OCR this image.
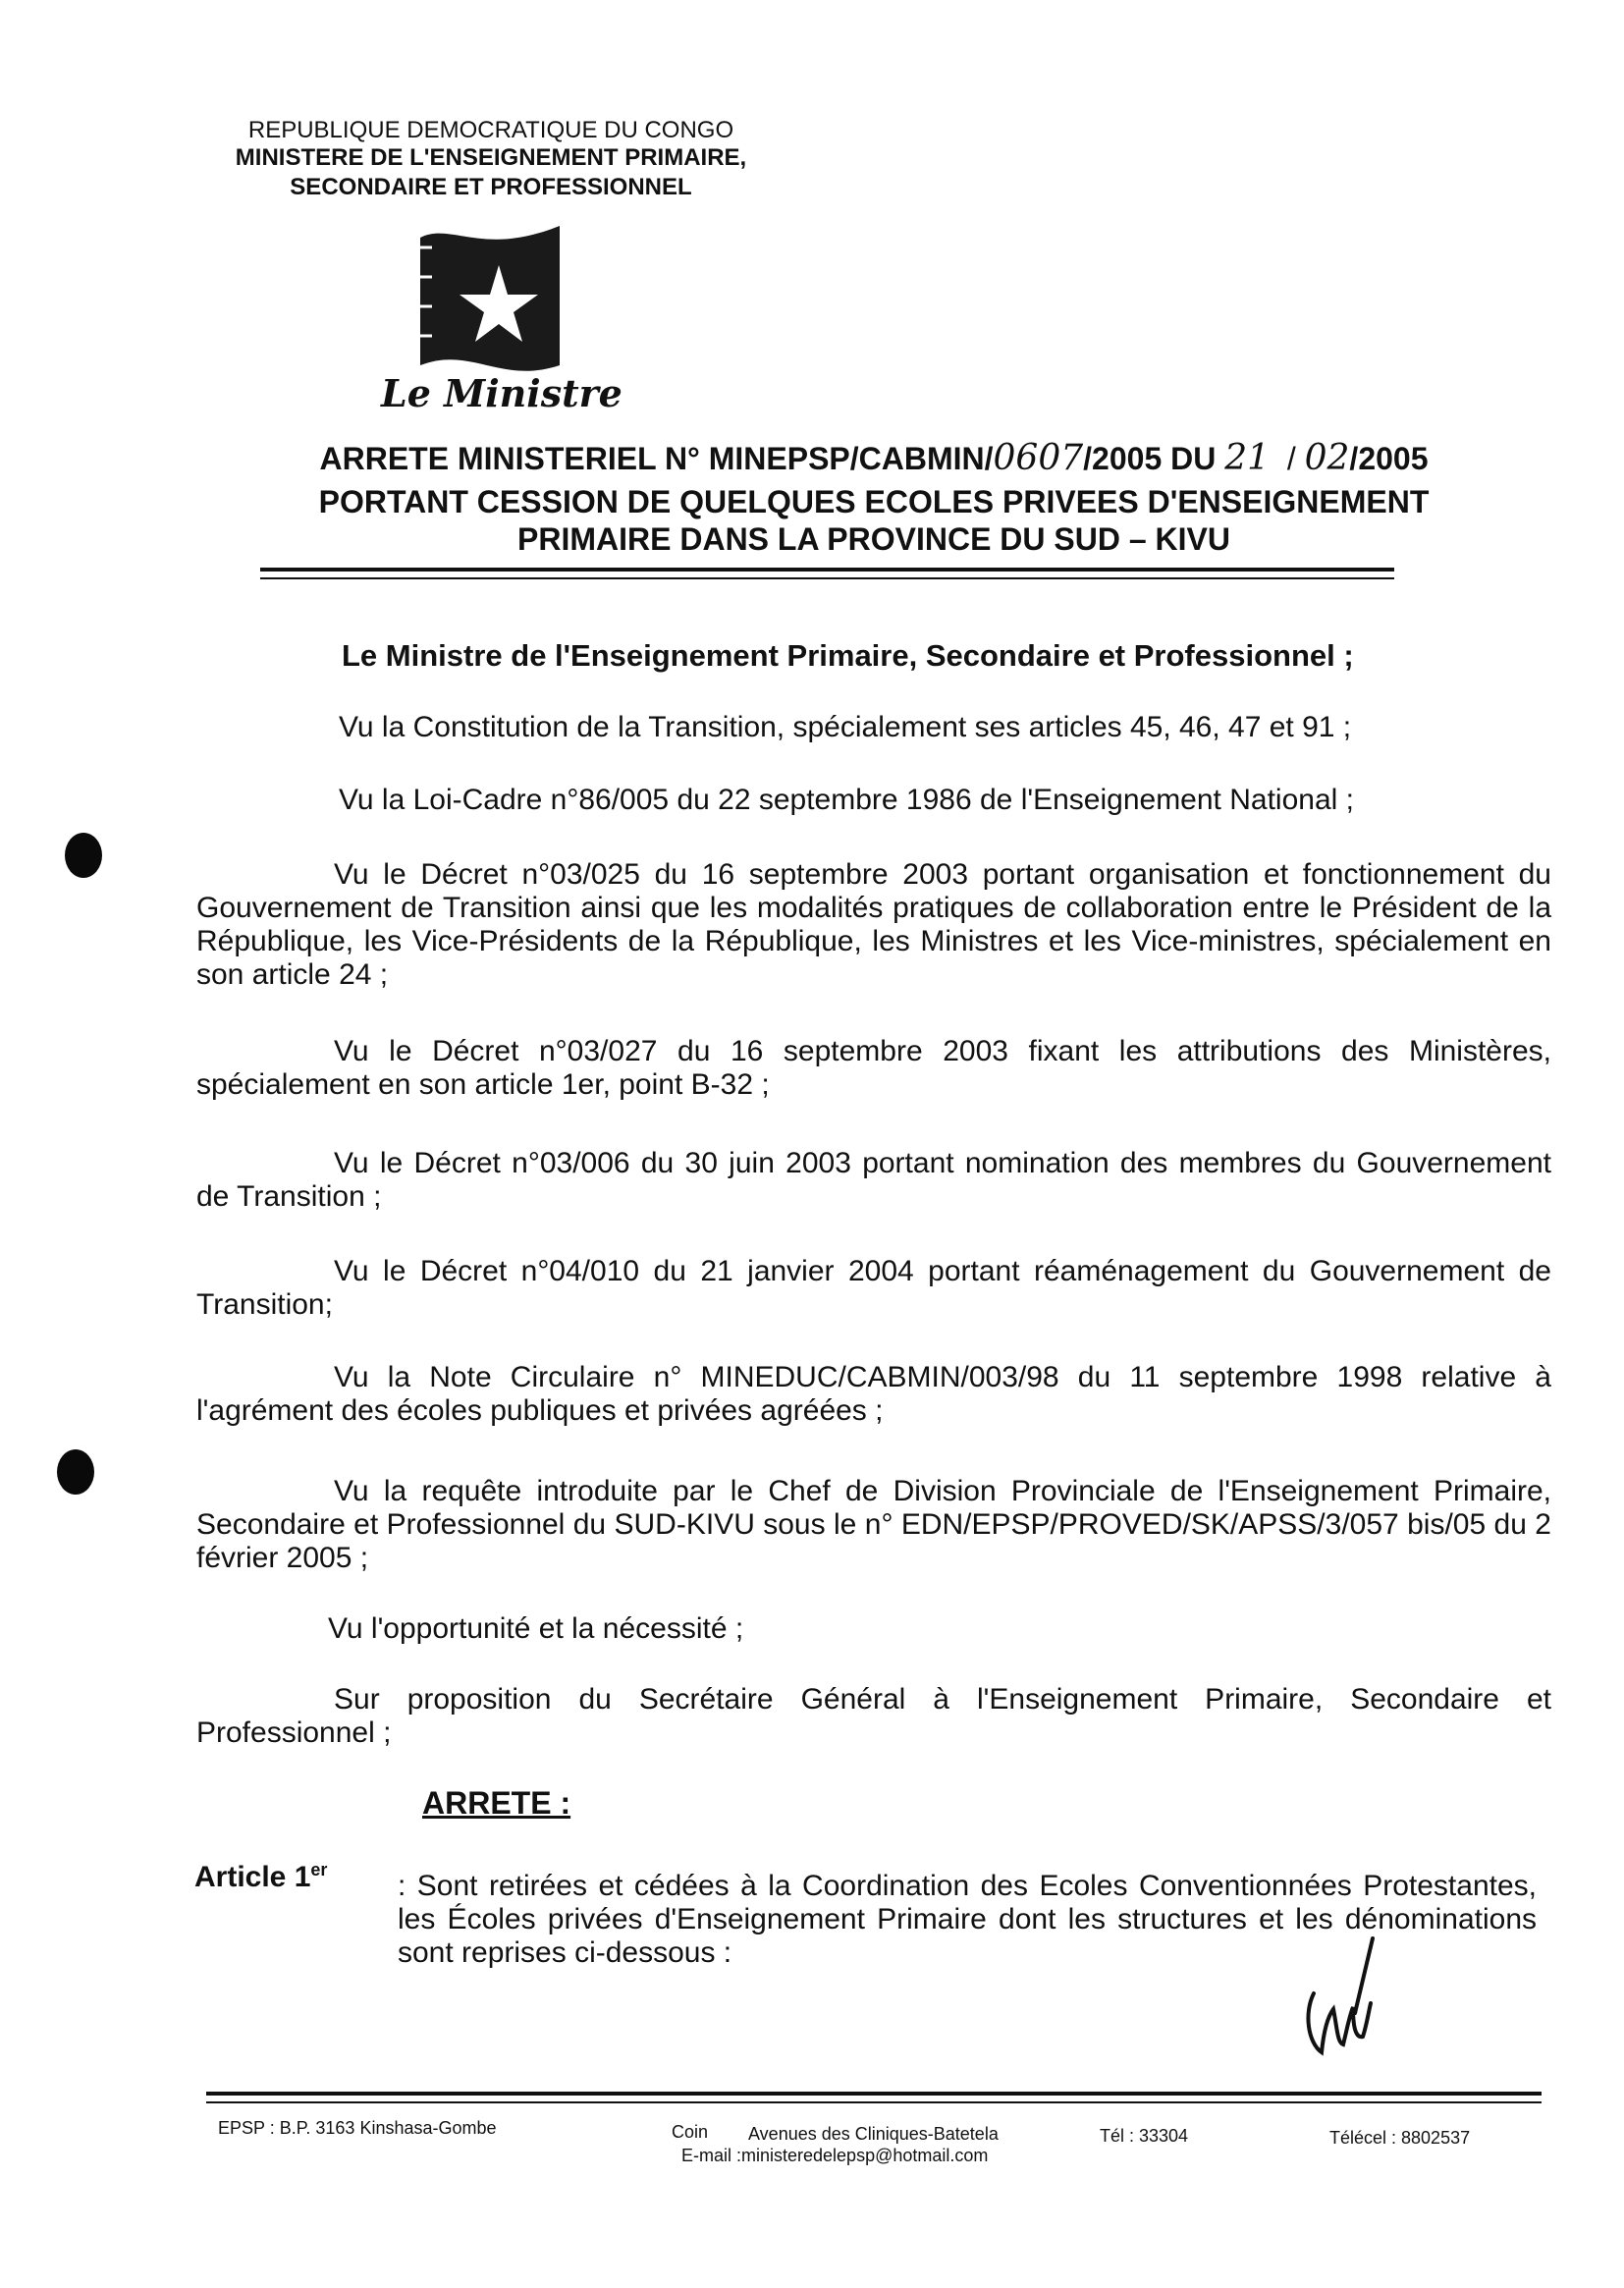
REPUBLIQUE DEMOCRATIQUE DU CONGO
MINISTERE DE L'ENSEIGNEMENT PRIMAIRE,
SECONDAIRE ET PROFESSIONNEL
Le Ministre
ARRETE MINISTERIEL N° MINEPSP/CABMIN/0607/2005 DU 21 / 02/2005
PORTANT CESSION DE QUELQUES ECOLES PRIVEES D'ENSEIGNEMENT
PRIMAIRE DANS LA PROVINCE DU SUD – KIVU
Le Ministre de l'Enseignement Primaire, Secondaire et Professionnel ;
Vu la Constitution de la Transition, spécialement ses articles 45, 46, 47 et 91 ;
Vu la Loi-Cadre n°86/005 du 22 septembre 1986 de l'Enseignement National ;
Vu le Décret n°03/025 du 16 septembre 2003 portant organisation et fonctionnement du Gouvernement de Transition ainsi que les modalités pratiques de collaboration entre le Président de la République, les Vice-Présidents de la République, les Ministres et les Vice-ministres, spécialement en son article 24 ;
Vu le Décret n°03/027 du 16 septembre 2003 fixant les attributions des Ministères, spécialement en son article 1er, point B-32 ;
Vu le Décret n°03/006 du 30 juin 2003 portant nomination des membres du Gouvernement de Transition ;
Vu le Décret n°04/010 du 21 janvier 2004 portant réaménagement du Gouvernement de Transition;
Vu la Note Circulaire n° MINEDUC/CABMIN/003/98 du 11 septembre 1998 relative à l'agrément des écoles publiques et privées agréées ;
Vu la requête introduite par le Chef de Division Provinciale de l'Enseignement Primaire, Secondaire et Professionnel du SUD-KIVU sous le n° EDN/EPSP/PROVED/SK/APSS/3/057 bis/05 du 2 février 2005 ;
Vu l'opportunité et la nécessité ;
Sur proposition du Secrétaire Général à l'Enseignement Primaire, Secondaire et Professionnel ;
ARRETE :
Article 1er : Sont retirées et cédées à la Coordination des Ecoles Conventionnées Protestantes, les Écoles privées d'Enseignement Primaire dont les structures et les dénominations sont reprises ci-dessous :
EPSP : B.P. 3163 Kinshasa-Gombe	Coin Avenues des Cliniques-Batetela
E-mail :ministeredelepsp@hotmail.com
Tél : 33304	Télécel : 8802537
